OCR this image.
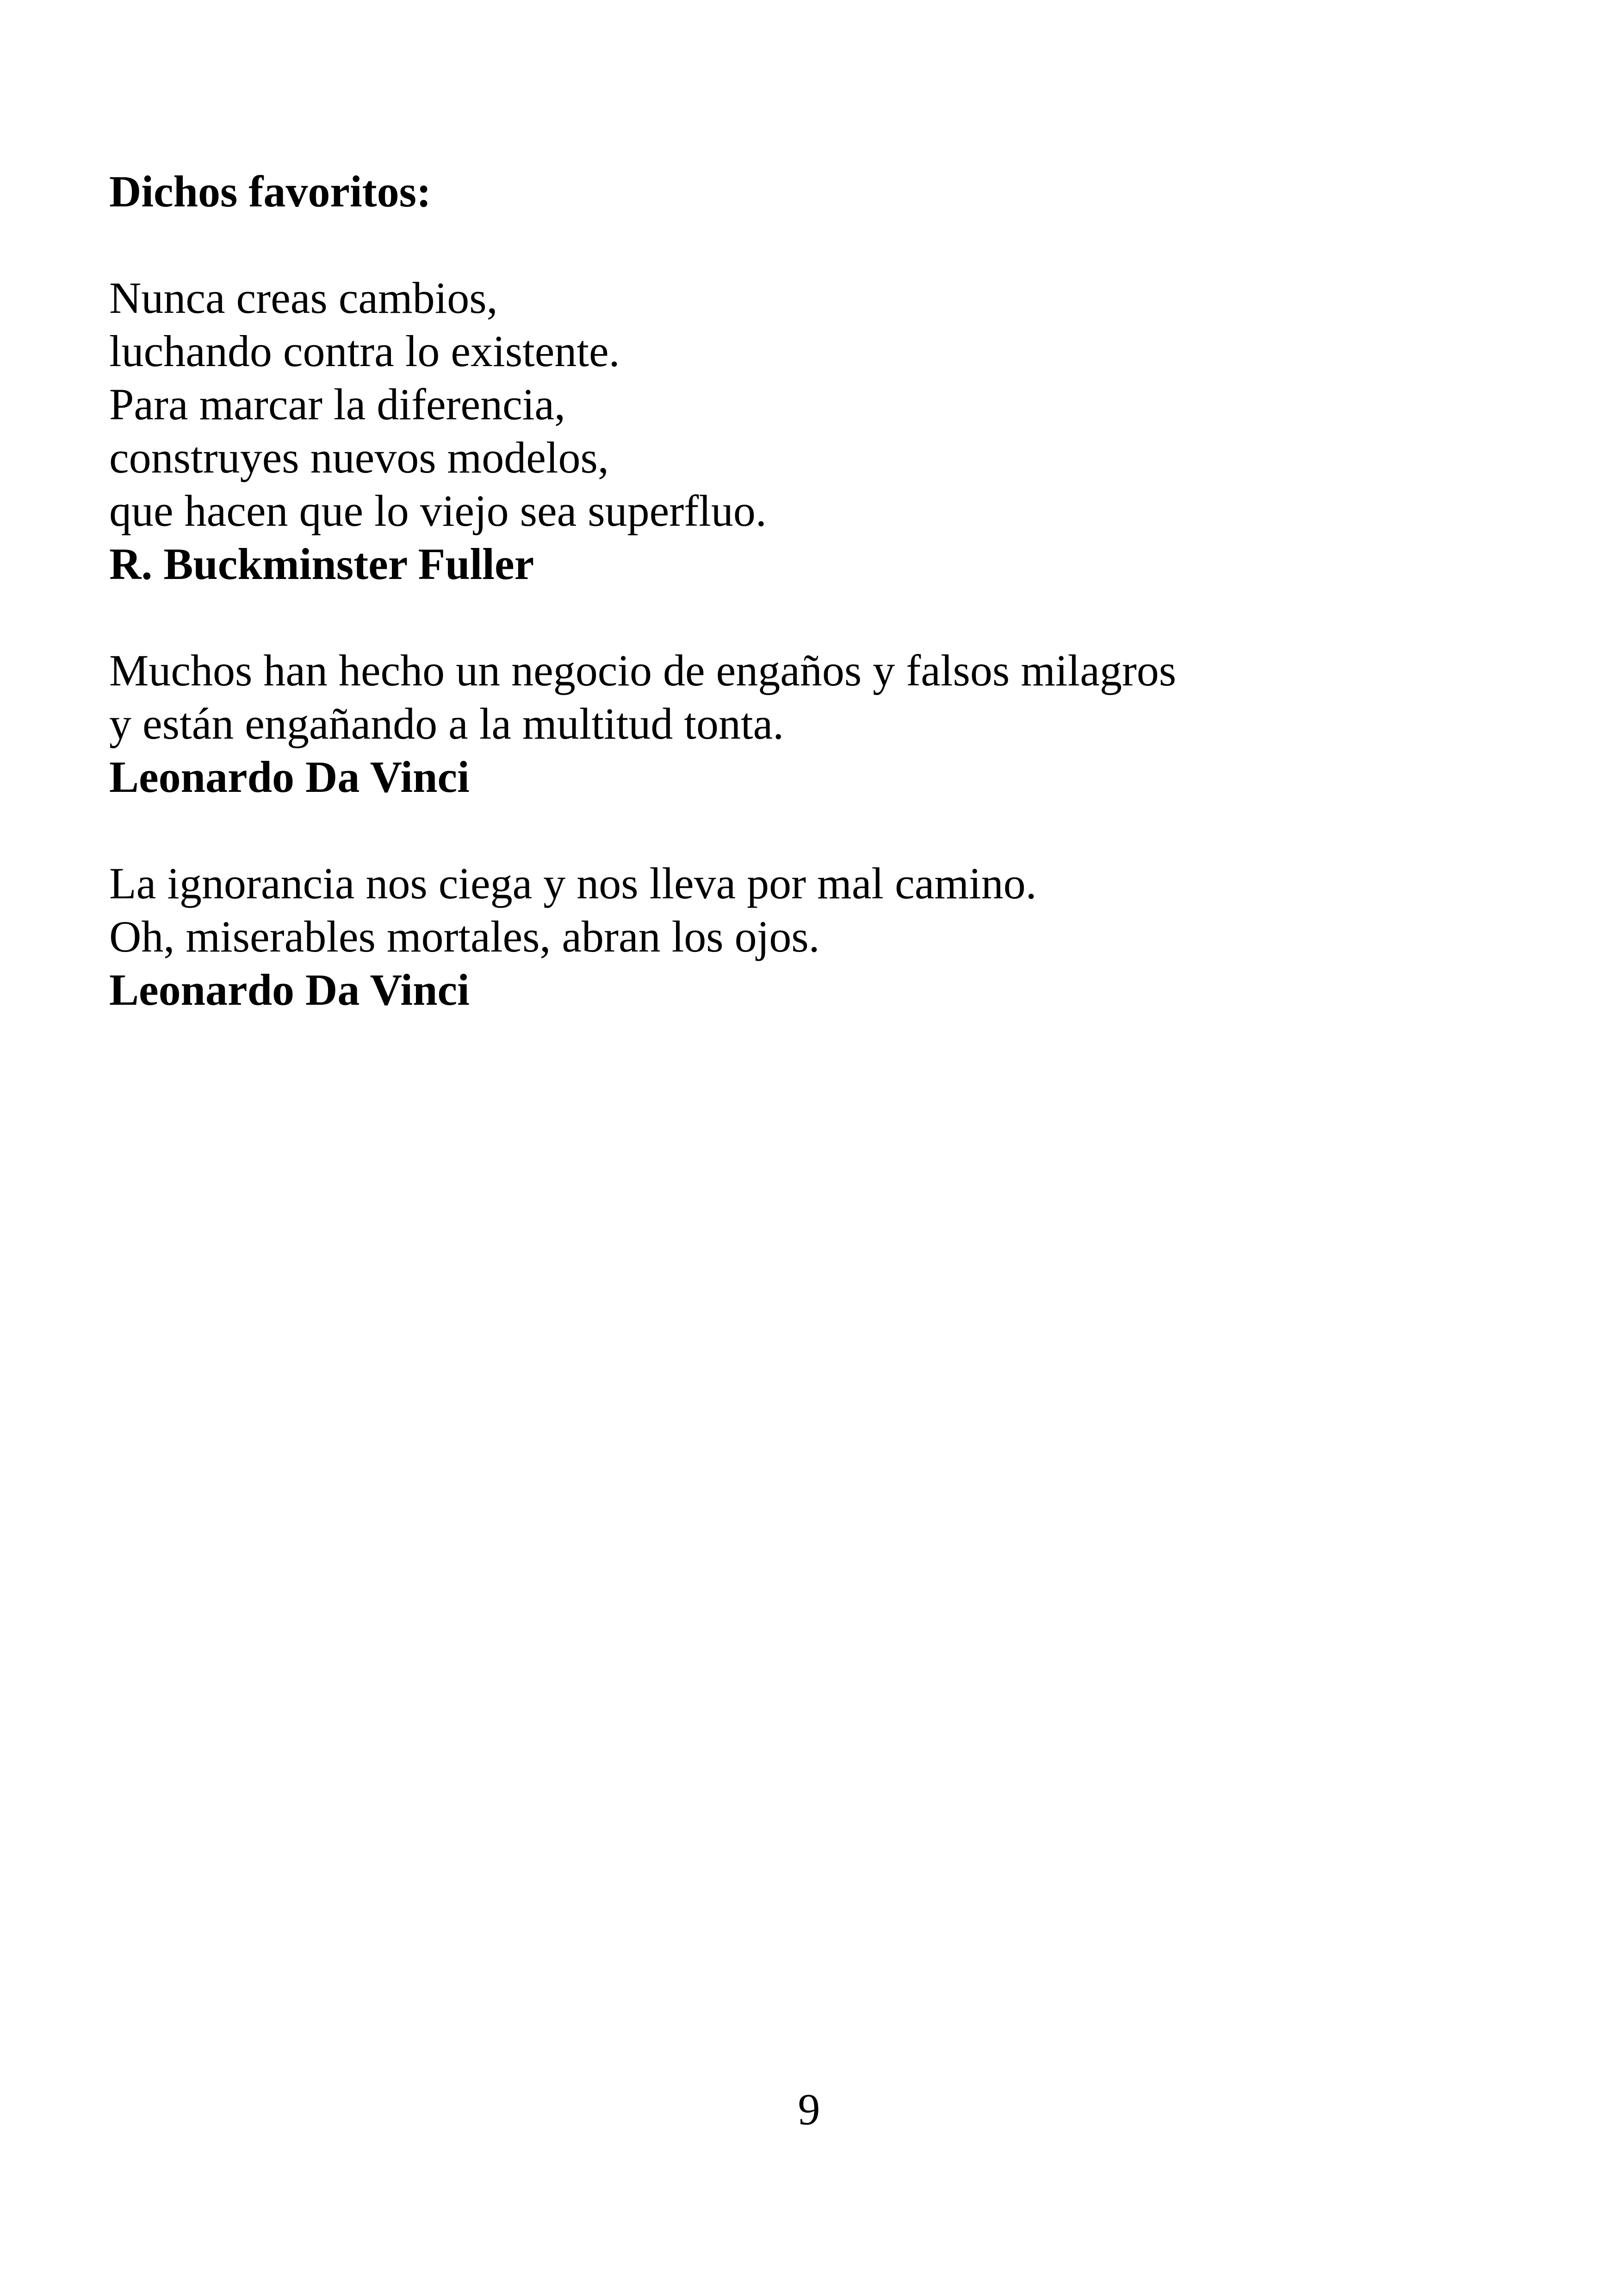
Dichos favoritos:
Nunca creas cambios,
luchando contra lo existente.
Para marcar la diferencia,
construyes nuevos modelos,
que hacen que lo viejo sea superfluo.
R. Buckminster Fuller
Muchos han hecho un negocio de engaños y falsos milagros
y están engañando a la multitud tonta.
Leonardo Da Vinci
La ignorancia nos ciega y nos lleva por mal camino.
Oh, miserables mortales, abran los ojos.
Leonardo Da Vinci
9
